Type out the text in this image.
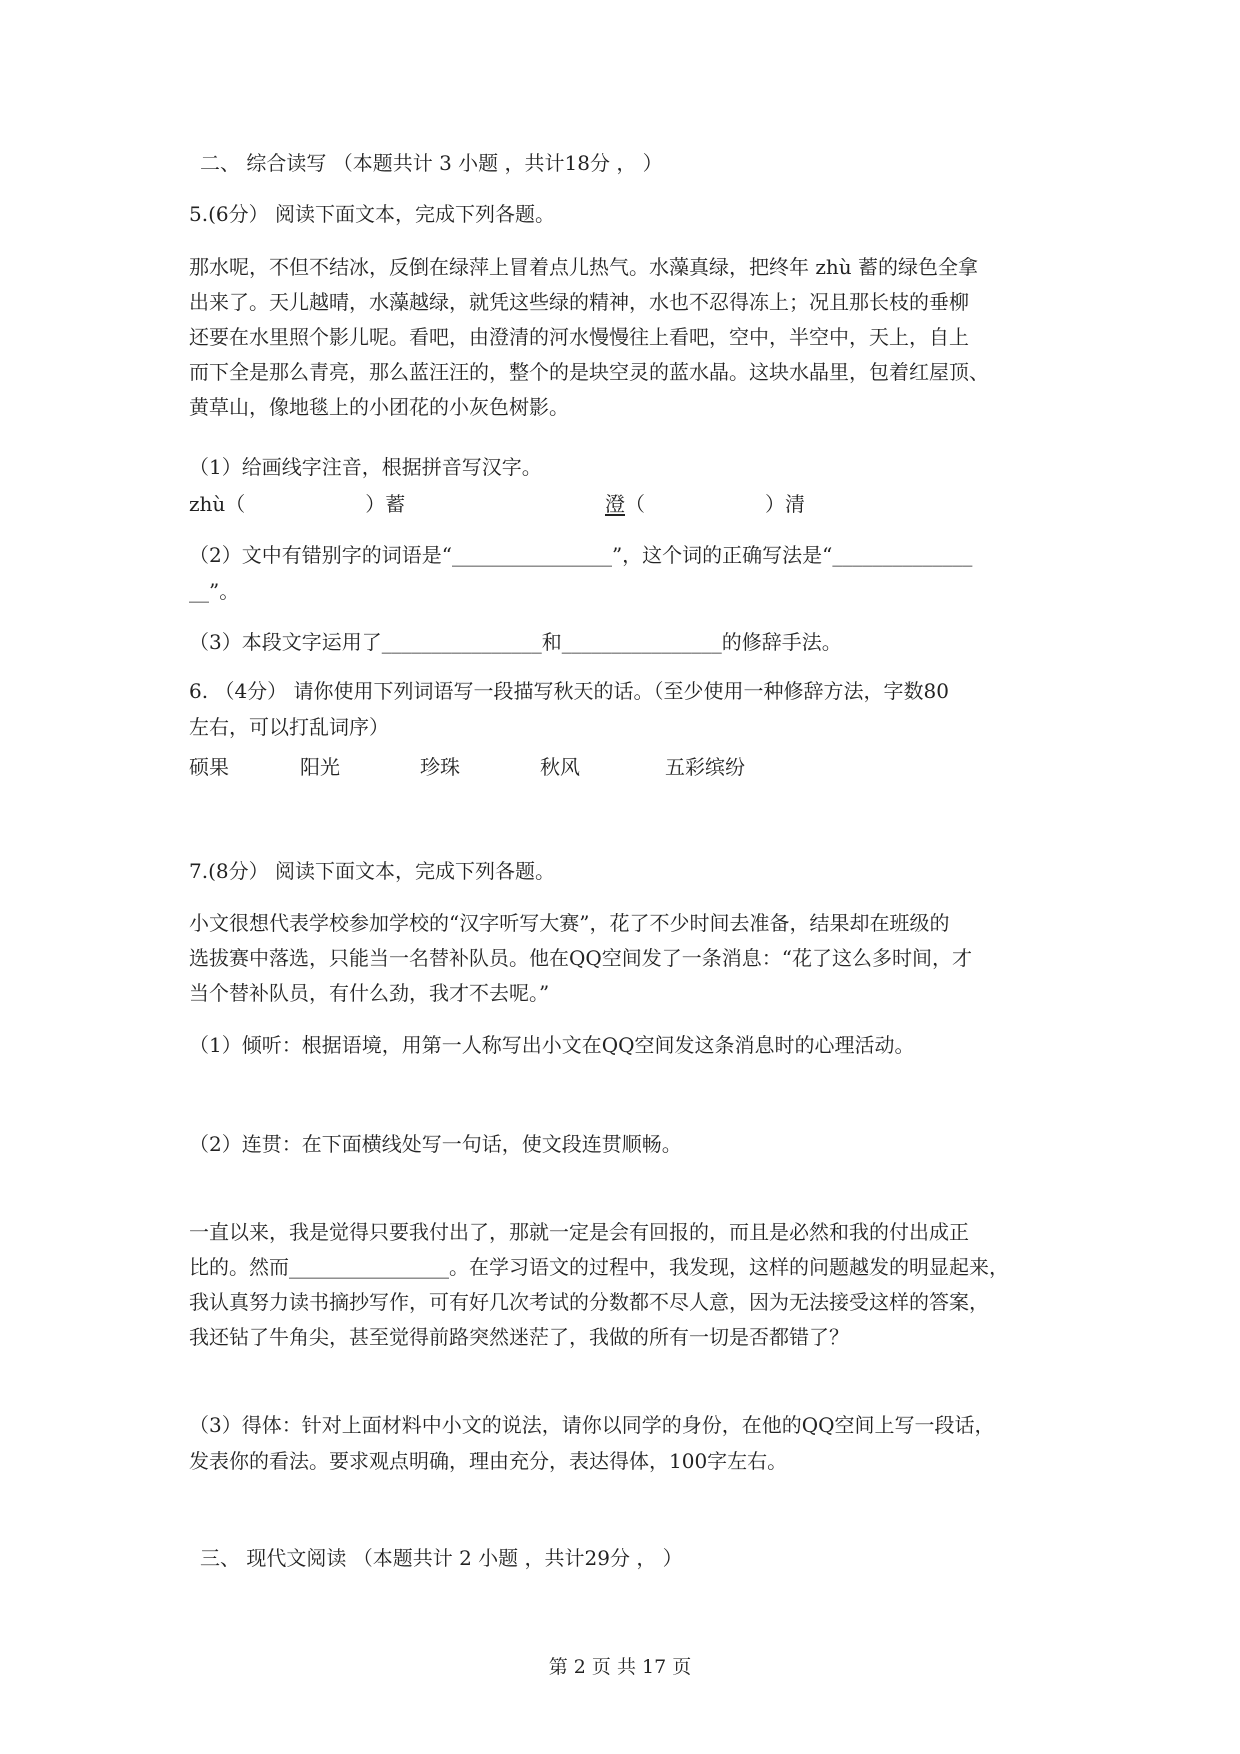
二、 综合读写 （本题共计 3 小题 ，共计18分 ， ）
5.(6分） 阅读下面文本，完成下列各题。
那水呢，不但不结冰，反倒在绿萍上冒着点儿热气。水藻真绿，把终年 zhù 蓄的绿色全拿
出来了。天儿越晴，水藻越绿，就凭这些绿的精神，水也不忍得冻上；况且那长枝的垂柳
还要在水里照个影儿呢。看吧，由澄清的河水慢慢往上看吧，空中，半空中，天上，自上
而下全是那么青亮，那么蓝汪汪的，整个的是块空灵的蓝水晶。这块水晶里，包着红屋顶、
黄草山，像地毯上的小团花的小灰色树影。
（1）给画线字注音，根据拼音写汉字。
zhù（　　　　　　）蓄	澄（　　　　　　）清
（2）文中有错别字的词语是“________________”，这个词的正确写法是“______________
__”。
（3）本段文字运用了________________和________________的修辞手法。
6. （4分） 请你使用下列词语写一段描写秋天的话。（至少使用一种修辞方法，字数80
左右，可以打乱词序）
硕果	阳光	珍珠	秋风	五彩缤纷
7.(8分） 阅读下面文本，完成下列各题。
小文很想代表学校参加学校的“汉字听写大赛”，花了不少时间去准备，结果却在班级的
选拔赛中落选，只能当一名替补队员。他在QQ空间发了一条消息：“花了这么多时间，才
当个替补队员，有什么劲，我才不去呢。”
（1）倾听：根据语境，用第一人称写出小文在QQ空间发这条消息时的心理活动。
（2）连贯：在下面横线处写一句话，使文段连贯顺畅。
一直以来，我是觉得只要我付出了，那就一定是会有回报的，而且是必然和我的付出成正
比的。然而________________。在学习语文的过程中，我发现，这样的问题越发的明显起来，
我认真努力读书摘抄写作，可有好几次考试的分数都不尽人意，因为无法接受这样的答案，
我还钻了牛角尖，甚至觉得前路突然迷茫了，我做的所有一切是否都错了？
（3）得体：针对上面材料中小文的说法，请你以同学的身份，在他的QQ空间上写一段话，
发表你的看法。要求观点明确，理由充分，表达得体，100字左右。
三、 现代文阅读 （本题共计 2 小题 ，共计29分 ， ）
第 2 页 共 17 页
